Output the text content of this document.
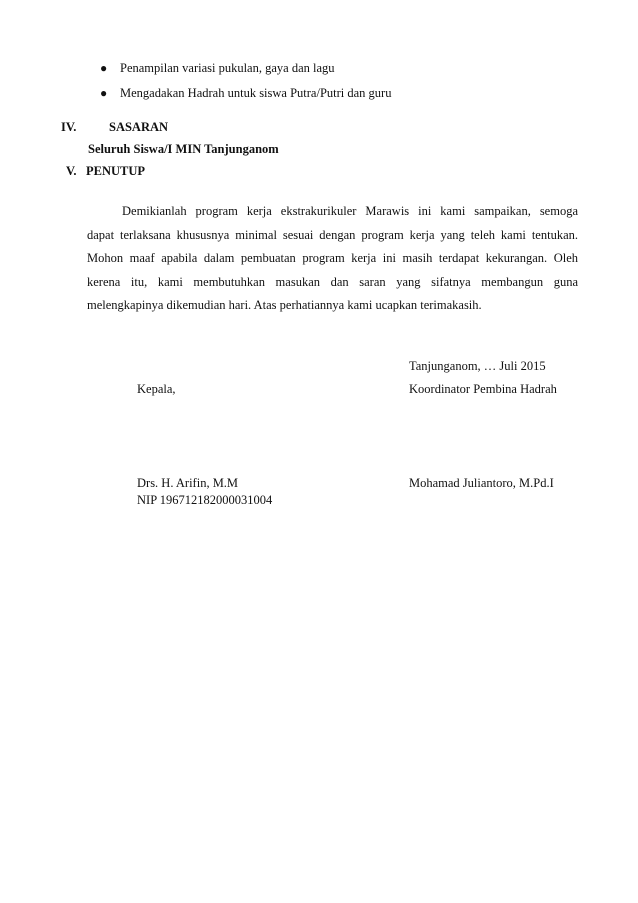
● Penampilan variasi pukulan, gaya dan lagu
● Mengadakan Hadrah untuk siswa Putra/Putri dan guru
IV.	SASARAN
Seluruh Siswa/I MIN Tanjunganom
V. PENUTUP
Demikianlah program kerja ekstrakurikuler Marawis ini kami sampaikan, semoga
dapat terlaksana khususnya minimal sesuai dengan program kerja yang teleh kami tentukan.
Mohon maaf apabila dalam pembuatan program kerja ini masih terdapat kekurangan. Oleh
kerena itu, kami membutuhkan masukan dan saran yang sifatnya membangun guna
melengkapinya dikemudian hari. Atas perhatiannya kami ucapkan terimakasih.
Tanjunganom, … Juli 2015
Kepala,	Koordinator Pembina Hadrah
Drs. H. Arifin, M.M
NIP 196712182000031004
Mohamad Juliantoro, M.Pd.I
